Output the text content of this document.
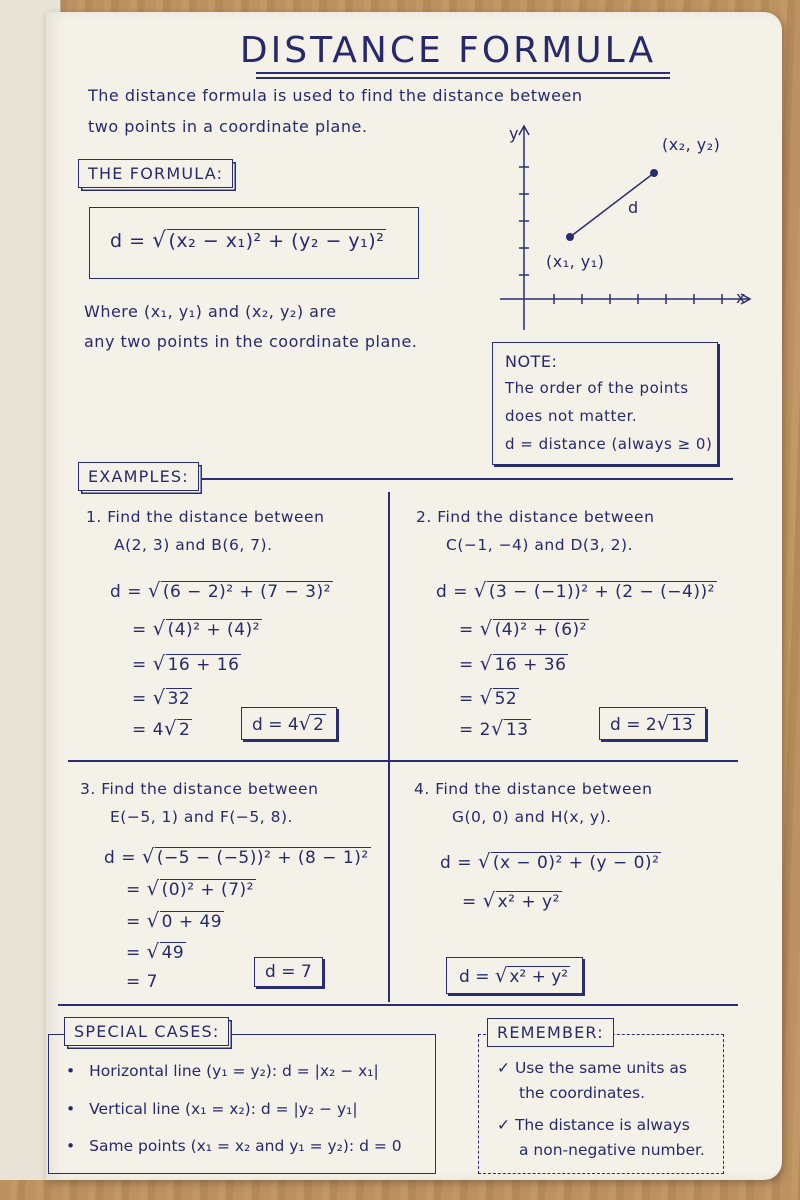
DISTANCE FORMULA
The distance formula is used to find the distance between
two points in a coordinate plane.
THE FORMULA:
d = √ (x₂ − x₁)² + (y₂ − y₁)²
Where (x₁, y₁) and (x₂, y₂) are
any two points in the coordinate plane.
y
x
(x₁, y₁)
(x₂, y₂)
d
NOTE:
The order of the points
does not matter.
d = distance (always ≥ 0)
EXAMPLES:
1. Find the distance between
A(2, 3) and B(6, 7).
d = √ (6 − 2)² + (7 − 3)²
= √ (4)² + (4)²
= √ 16 + 16
= √ 32
= 4√ 2	d = 4√ 2
2. Find the distance between
C(−1, −4) and D(3, 2).
d = √ (3 − (−1))² + (2 − (−4))²
= √ (4)² + (6)²
= √ 16 + 36
= √ 52
= 2√ 13	d = 2√ 13
3. Find the distance between
E(−5, 1) and F(−5, 8).
d = √ (−5 − (−5))² + (8 − 1)²
= √ (0)² + (7)²
= √ 0 + 49
= √ 49
= 7	d = 7
4. Find the distance between
G(0, 0) and H(x, y).
d = √ (x − 0)² + (y − 0)²
= √ x² + y²
d = √ x² + y²
SPECIAL CASES:
• Horizontal line (y₁ = y₂): d = |x₂ − x₁|
• Vertical line (x₁ = x₂): d = |y₂ − y₁|
• Same points (x₁ = x₂ and y₁ = y₂): d = 0
REMEMBER:
✓ Use the same units as
the coordinates.
✓ The distance is always
a non-negative number.
